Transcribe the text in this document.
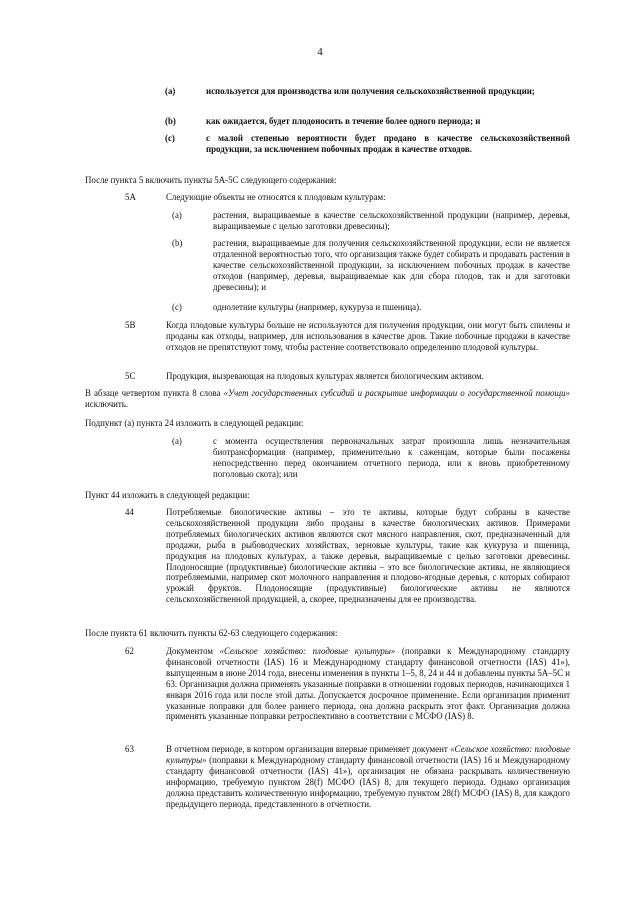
4
(a)	используется для производства или получения сельскохозяйственной продукции;

(b)	как ожидается, будет плодоносить в течение более одного периода; и

(c)	с малой степенью вероятности будет продано в качестве сельскохозяйственной продукции, за исключением побочных продаж в качестве отходов.

После пункта 5 включить пункты 5А-5С следующего содержания:

5А	Следующие объекты не относятся к плодовым культурам:

(a)	растения, выращиваемые в качестве сельскохозяйственной продукции (например, деревья, выращиваемые с целью заготовки древесины);

(b)	растения, выращиваемые для получения сельскохозяйственной продукции, если не является отдаленной вероятностью того, что организация также будет собирать и продавать растения в качестве сельскохозяйственной продукции, за исключением побочных продаж в качестве отходов (например, деревья, выращиваемые как для сбора плодов, так и для заготовки древесины); и

(c)	однолетние культуры (например, кукуруза и пшеница).

5В	Когда плодовые культуры больше не используются для получения продукции, они могут быть спилены и проданы как отходы, например, для использования в качестве дров. Такие побочные продажи в качестве отходов не препятствуют тому, чтобы растение соответствовало определению плодовой культуры.

5С	Продукция, вызревающая на плодовых культурах является биологическим активом.

В абзаце четвертом пункта 8 слова «Учет государственных субсидий и раскрытие информации о государственной помощи» исключить.

Подпункт (а) пункта 24 изложить в следующей редакции:

(а)	с момента осуществления первоначальных затрат произошла лишь незначительная биотрансформация (например, применительно к саженцам, которые были посажены непосредственно перед окончанием отчетного периода, или к вновь приобретенному поголовью скота); или

Пункт 44 изложить в следующей редакции:

44	Потребляемые биологические активы – это те активы, которые будут собраны в качестве сельскохозяйственной продукции либо проданы в качестве биологических активов. Примерами потребляемых биологических активов являются скот мясного направления, скот, предназначенный для продажи, рыба в рыбоводческих хозяйствах, зерновые культуры, такие как кукуруза и пшеница, продукция на плодовых культурах, а также деревья, выращиваемые с целью заготовки древесины. Плодоносящие (продуктивные) биологические активы – это все биологические активы, не являющиеся потребляемыми, например скот молочного направления и плодово-ягодные деревья, с которых собирают урожай фруктов. Плодоносящие (продуктивные) биологические активы не являются сельскохозяйственной продукцией, а, скорее, предназначены для ее производства.

После пункта 61 включить пункты 62-63 следующего содержания:

62	Документом «Сельское хозяйство: плодовые культуры» (поправки к Международному стандарту финансовой отчетности (IAS) 16 и Международному стандарту финансовой отчетности (IAS) 41»), выпущенным в июне 2014 года, внесены изменения в пункты 1–5, 8, 24 и 44 и добавлены пункты 5А–5С и 63. Организация должна применять указанные поправки в отношении годовых периодов, начинающихся 1 января 2016 года или после этой даты. Допускается досрочное применение. Если организация применит указанные поправки для более раннего периода, она должна раскрыть этот факт. Организация должна применять указанные поправки ретроспективно в соответствии с МСФО (IAS) 8.

63	В отчетном периоде, в котором организация впервые применяет документ «Сельское хозяйство: плодовые культуры» (поправки к Международному стандарту финансовой отчетности (IAS) 16 и Международному стандарту финансовой отчетности (IAS) 41»), организация не обязана раскрывать количественную информацию, требуемую пунктом 28(f) МСФО (IAS) 8, для текущего периода. Однако организация должна представить количественную информацию, требуемую пунктом 28(f) МСФО (IAS) 8, для каждого предыдущего периода, представленного в отчетности.
